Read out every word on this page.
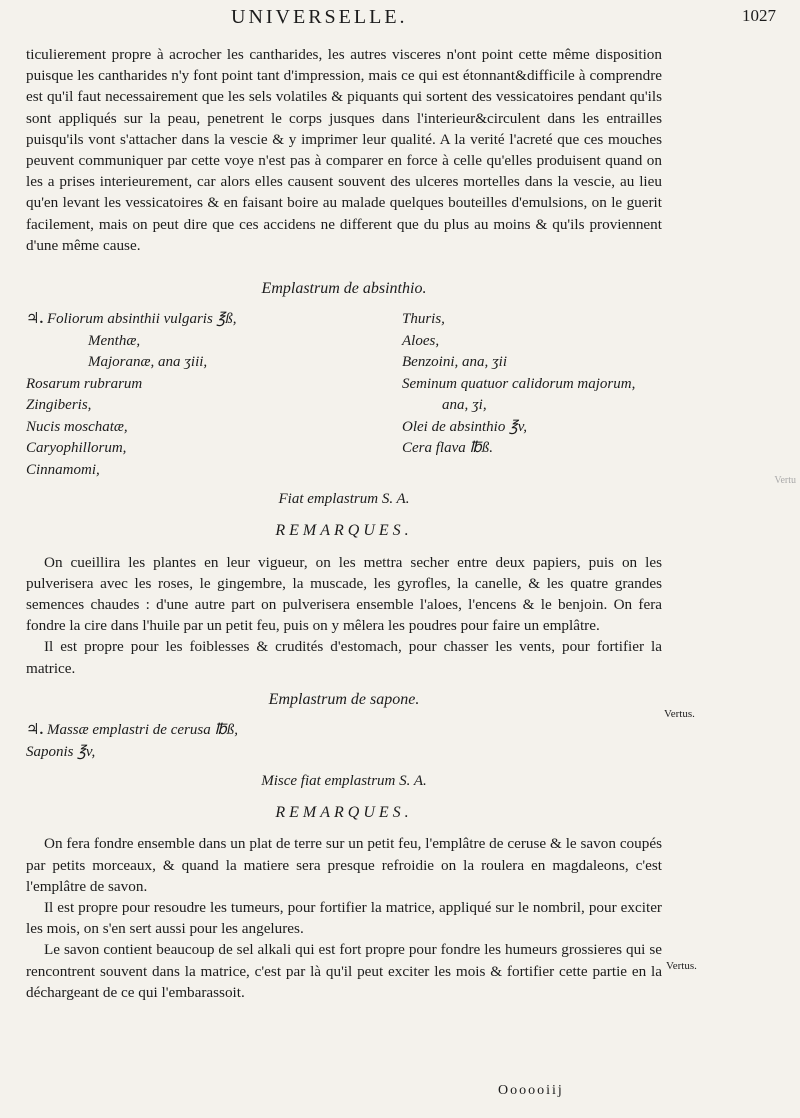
UNIVERSELLE.	1027

ticulierement propre à acrocher les cantharides, les autres visceres n'ont point cette même disposition puisque les cantharides n'y font point tant d'impression, mais ce qui est étonnant&difficile à comprendre est qu'il faut necessairement que les sels volatiles & piquants qui sortent des vessicatoires pendant qu'ils sont appliqués sur la peau, penetrent le corps jusques dans l'interieur&circulent dans les entrailles puisqu'ils vont s'attacher dans la vescie & y imprimer leur qualité. A la verité l'acreté que ces mouches peuvent communiquer par cette voye n'est pas à comparer en force à celle qu'elles produisent quand on les a prises interieurement, car alors elles causent souvent des ulceres mortelles dans la vescie, au lieu qu'en levant les vessicatoires & en faisant boire au malade quelques bouteilles d'emulsions, on le guerit facilement, mais on peut dire que ces accidens ne different que du plus au moins & qu'ils proviennent d'une même cause.

Emplastrum de absinthio.
♃. Foliorum absinthii vulgaris ℥ß,
Menthæ,
Majoranæ, ana ʒiii,
Rosarum rubrarum
Zingiberis,
Nucis moschatæ,
Caryophillorum,
Cinnamomi,
Thuris,
Aloes,
Benzoini, ana, ʒii
Seminum quatuor calidorum majorum,
ana, ʒi,
Olei de absinthio ℥v,
Cera flava ℔ß.
Fiat emplastrum S. A.
REMARQUES.

On cueillira les plantes en leur vigueur, on les mettra secher entre deux papiers, puis on les pulverisera avec les roses, le gingembre, la muscade, les gyrofles, la canelle, & les quatre grandes semences chaudes : d'une autre part on pulverisera ensemble l'aloes, l'encens & le benjoin. On fera fondre la cire dans l'huile par un petit feu, puis on y mêlera les poudres pour faire un emplâtre.

Il est propre pour les foiblesses & crudités d'estomach, pour chasser les vents, pour fortifier la matrice.

Emplastrum de sapone.
♃. Massæ emplastri de cerusa ℔ß,
Saponis ℥v,
Misce fiat emplastrum S. A.
REMARQUES.

On fera fondre ensemble dans un plat de terre sur un petit feu, l'emplâtre de ceruse & le savon coupés par petits morceaux, & quand la matiere sera presque refroidie on la roulera en magdaleons, c'est l'emplâtre de savon.

Il est propre pour resoudre les tumeurs, pour fortifier la matrice, appliqué sur le nombril, pour exciter les mois, on s'en sert aussi pour les angelures.

Le savon contient beaucoup de sel alkali qui est fort propre pour fondre les humeurs grossieres qui se rencontrent souvent dans la matrice, c'est par là qu'il peut exciter les mois & fortifier cette partie en la déchargeant de ce qui l'embarassoit.

Vertus.
Vertus.
Vertu
Oooooiij
